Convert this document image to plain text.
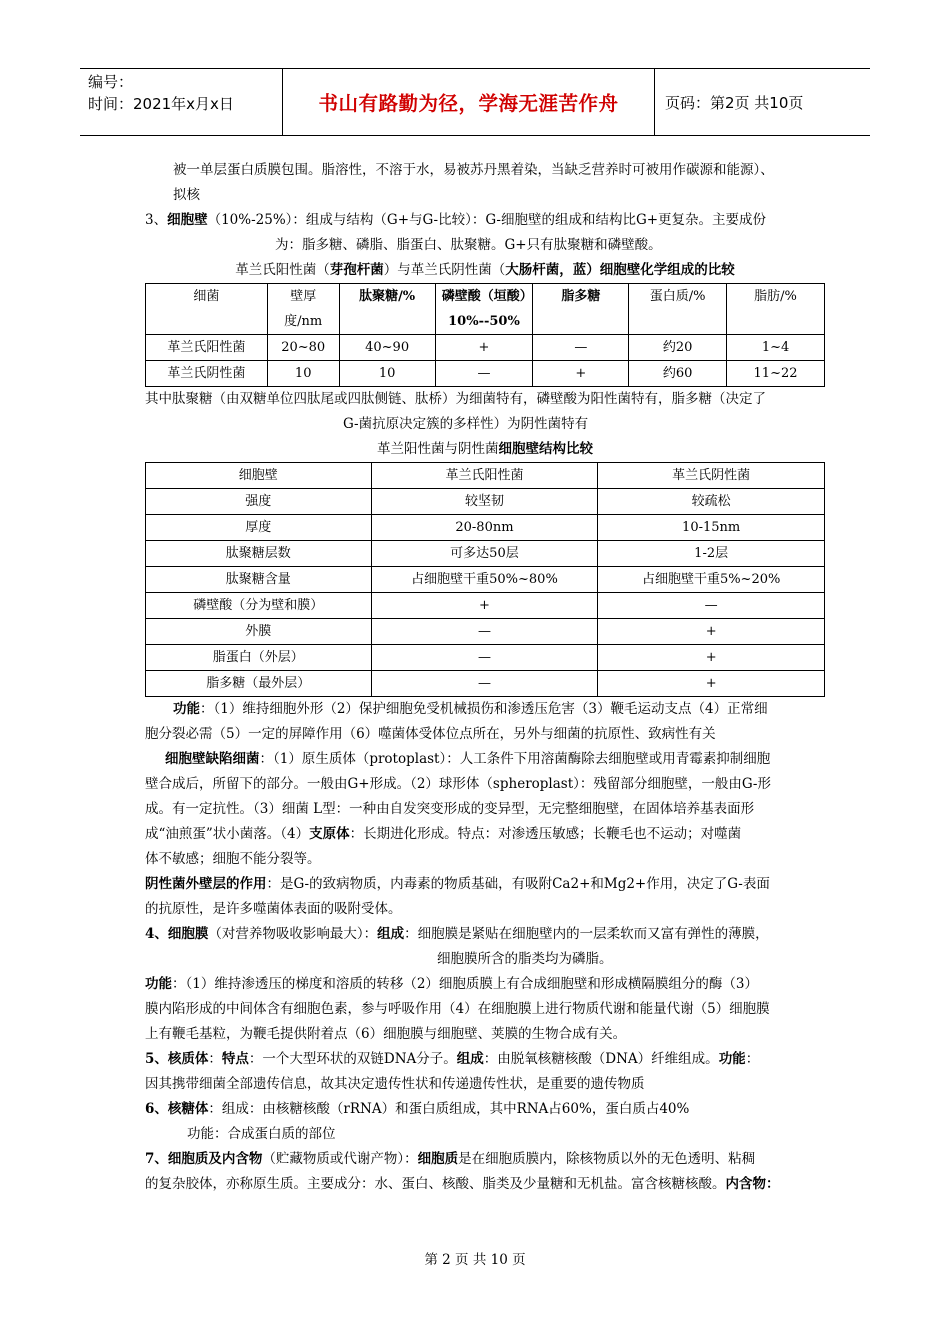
编号：
时间：2021年x月x日	书山有路勤为径，学海无涯苦作舟	页码：第2页 共10页
被一单层蛋白质膜包围。脂溶性，不溶于水，易被苏丹黑着染，当缺乏营养时可被用作碳源和能源）、
拟核
3、细胞壁（10%-25%）：组成与结构（G+与G-比较）：G-细胞壁的组成和结构比G+更复杂。主要成份
为：脂多糖、磷脂、脂蛋白、肽聚糖。G+只有肽聚糖和磷壁酸。
革兰氏阳性菌（芽孢杆菌）与革兰氏阴性菌（大肠杆菌，蓝）细胞壁化学组成的比较
细菌	壁厚度/nm	肽聚糖/%	磷壁酸（垣酸）10%--50%	脂多糖	蛋白质/%	脂肪/%
革兰氏阳性菌	20~80	40~90	+	—	约20	1~4
革兰氏阴性菌	10	10	—	+	约60	11~22
其中肽聚糖（由双糖单位四肽尾或四肽侧链、肽桥）为细菌特有，磷壁酸为阳性菌特有，脂多糖（决定了
G-菌抗原决定簇的多样性）为阴性菌特有
革兰阳性菌与阴性菌细胞壁结构比较
细胞壁	革兰氏阳性菌	革兰氏阴性菌
强度	较坚韧	较疏松
厚度	20-80nm	10-15nm
肽聚糖层数	可多达50层	1-2层
肽聚糖含量	占细胞壁干重50%~80%	占细胞壁干重5%~20%
磷壁酸（分为壁和膜）	+	—
外膜	—	+
脂蛋白（外层）	—	+
脂多糖（最外层）	—	+
功能：（1）维持细胞外形（2）保护细胞免受机械损伤和渗透压危害（3）鞭毛运动支点（4）正常细
胞分裂必需（5）一定的屏障作用（6）噬菌体受体位点所在，另外与细菌的抗原性、致病性有关
细胞壁缺陷细菌：（1）原生质体（protoplast）：人工条件下用溶菌酶除去细胞壁或用青霉素抑制细胞
壁合成后，所留下的部分。一般由G+形成。（2）球形体（spheroplast）：残留部分细胞壁，一般由G-形
成。有一定抗性。（3）细菌 L型：一种由自发突变形成的变异型，无完整细胞壁，在固体培养基表面形
成“油煎蛋”状小菌落。（4）支原体：长期进化形成。特点：对渗透压敏感；长鞭毛也不运动；对噬菌
体不敏感；细胞不能分裂等。
阴性菌外壁层的作用：是G-的致病物质，内毒素的物质基础，有吸附Ca2+和Mg2+作用，决定了G-表面
的抗原性，是许多噬菌体表面的吸附受体。
4、细胞膜（对营养物吸收影响最大）：组成：细胞膜是紧贴在细胞壁内的一层柔软而又富有弹性的薄膜，
细胞膜所含的脂类均为磷脂。
功能：（1）维持渗透压的梯度和溶质的转移（2）细胞质膜上有合成细胞壁和形成横隔膜组分的酶（3）
膜内陷形成的中间体含有细胞色素，参与呼吸作用（4）在细胞膜上进行物质代谢和能量代谢（5）细胞膜
上有鞭毛基粒，为鞭毛提供附着点（6）细胞膜与细胞壁、荚膜的生物合成有关。
5、核质体：特点：一个大型环状的双链DNA分子。组成：由脱氧核糖核酸（DNA）纤维组成。功能：
因其携带细菌全部遗传信息，故其决定遗传性状和传递遗传性状，是重要的遗传物质
6、核糖体：组成：由核糖核酸（rRNA）和蛋白质组成，其中RNA占60%，蛋白质占40%
功能：合成蛋白质的部位
7、细胞质及内含物（贮藏物质或代谢产物）：细胞质是在细胞质膜内，除核物质以外的无色透明、粘稠
的复杂胶体，亦称原生质。主要成分：水、蛋白、核酸、脂类及少量糖和无机盐。富含核糖核酸。内含物：
第 2 页 共 10 页
